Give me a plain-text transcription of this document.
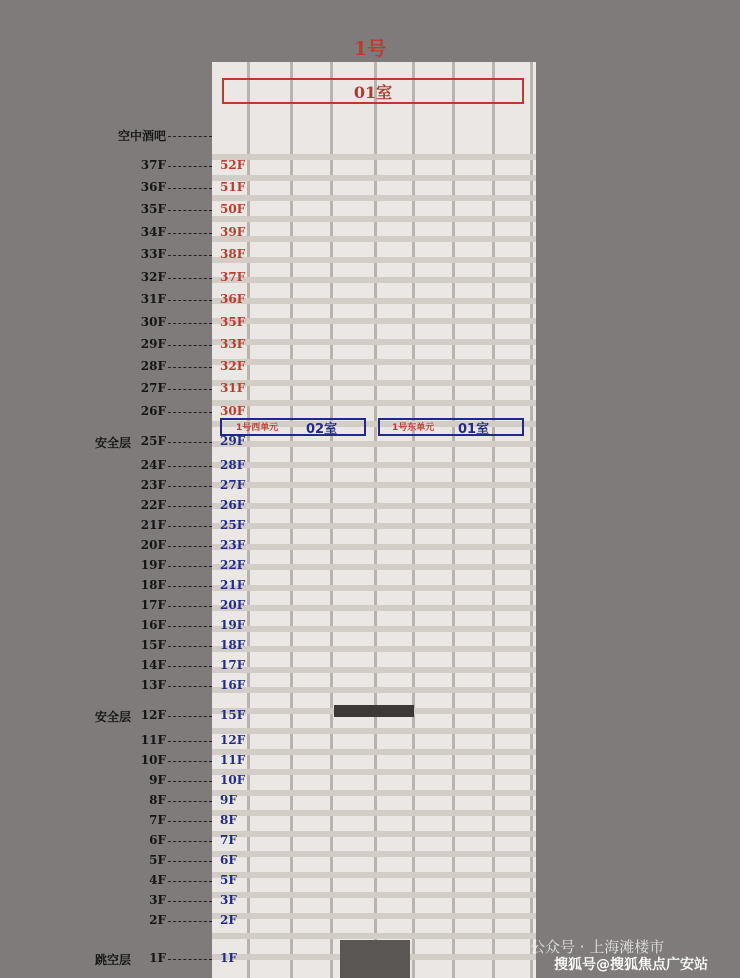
1号
01室
空中酒吧
37F	52F
36F	51F
35F	50F
34F	39F
33F	38F
32F	37F
31F	36F
30F	35F
29F	33F
28F	32F
27F	31F
26F	30F
25F	29F
安全层
24F	28F
23F	27F
22F	26F
21F	25F
20F	23F
19F	22F
18F	21F
17F	20F
16F	19F
15F	18F
14F	17F
13F	16F
12F	15F
安全层
11F	12F
10F	11F
9F	10F
8F	9F
7F	8F
6F	7F
5F	6F
4F	5F
3F	3F
2F	2F
1F	1F
跳空层
1号西单元 02室	1号东单元 01室
公众号 · 上海滩楼市
搜狐号@搜狐焦点广安站
